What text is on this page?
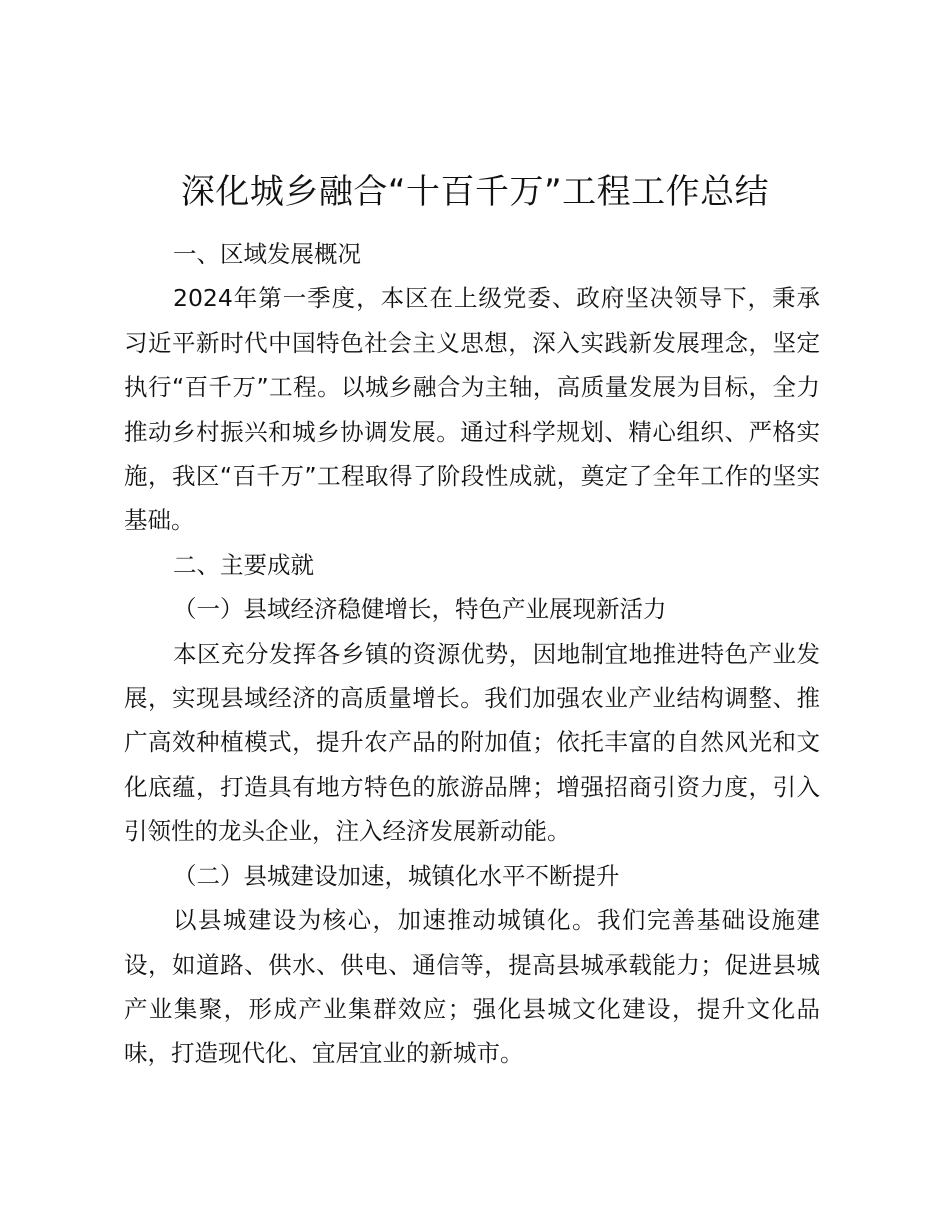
深化城乡融合“十百千万”工程工作总结

一、区域发展概况

2024年第一季度，本区在上级党委、政府坚决领导下，秉承习近平新时代中国特色社会主义思想，深入实践新发展理念，坚定执行“百千万”工程。以城乡融合为主轴，高质量发展为目标，全力推动乡村振兴和城乡协调发展。通过科学规划、精心组织、严格实施，我区“百千万”工程取得了阶段性成就，奠定了全年工作的坚实基础。

二、主要成就

（一）县域经济稳健增长，特色产业展现新活力

本区充分发挥各乡镇的资源优势，因地制宜地推进特色产业发展，实现县域经济的高质量增长。我们加强农业产业结构调整、推广高效种植模式，提升农产品的附加值；依托丰富的自然风光和文化底蕴，打造具有地方特色的旅游品牌；增强招商引资力度，引入引领性的龙头企业，注入经济发展新动能。

（二）县城建设加速，城镇化水平不断提升

以县城建设为核心，加速推动城镇化。我们完善基础设施建设，如道路、供水、供电、通信等，提高县城承载能力；促进县城产业集聚，形成产业集群效应；强化县城文化建设，提升文化品味，打造现代化、宜居宜业的新城市。
